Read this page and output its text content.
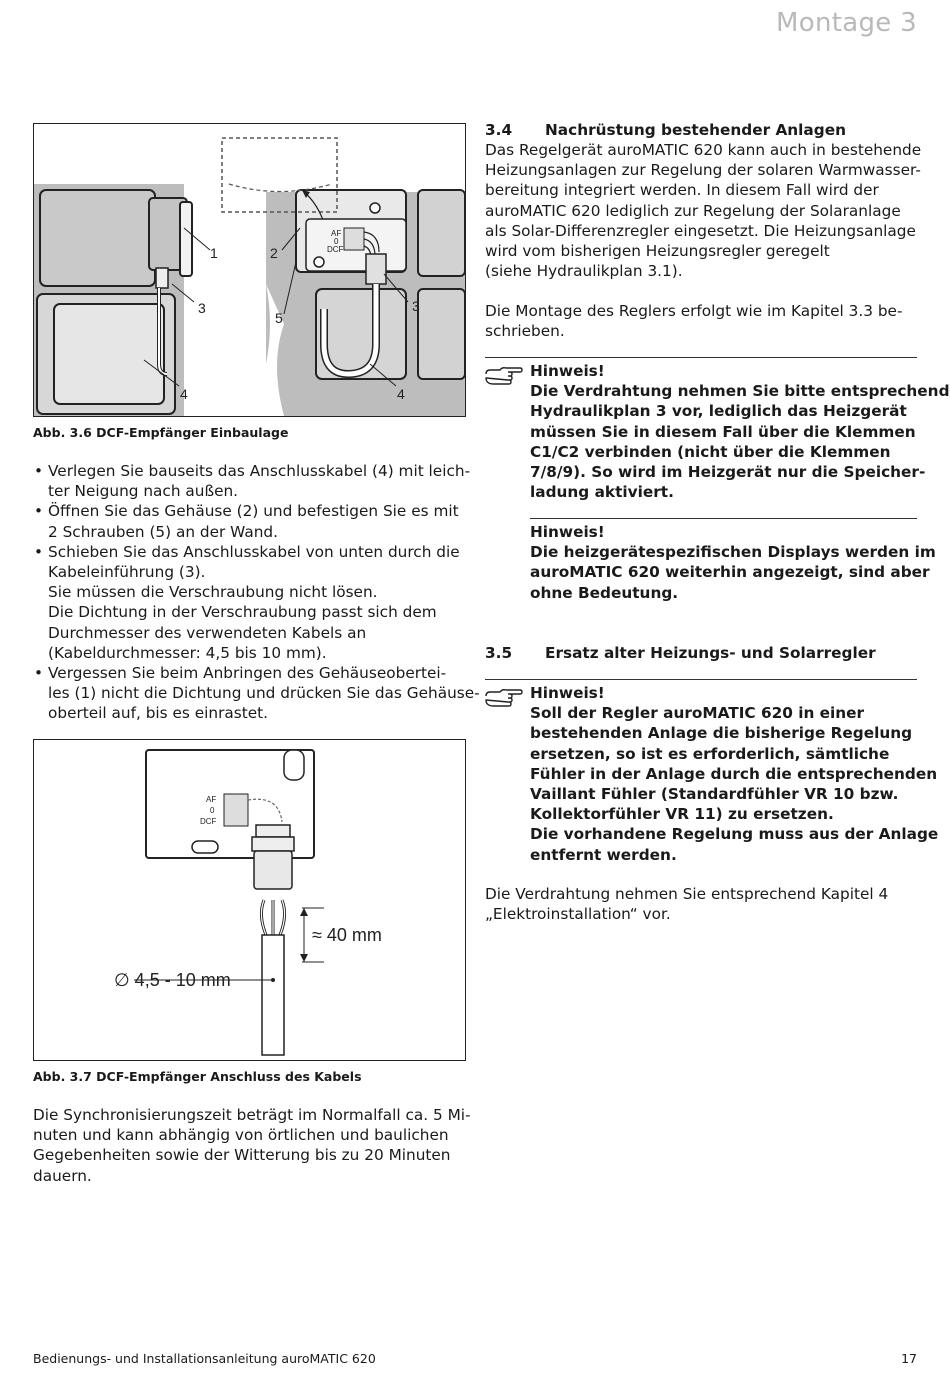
Montage 3
AF
0
DCF
1	2
3	3
4	4
5
Abb. 3.6 DCF-Empfänger Einbaulage
• Verlegen Sie bauseits das Anschlusskabel (4) mit leich-
ter Neigung nach außen.
• Öffnen Sie das Gehäuse (2) und befestigen Sie es mit
2 Schrauben (5) an der Wand.
• Schieben Sie das Anschlusskabel von unten durch die
Kabeleinführung (3).
Sie müssen die Verschraubung nicht lösen.
Die Dichtung in der Verschraubung passt sich dem
Durchmesser des verwendeten Kabels an
(Kabeldurchmesser: 4,5 bis 10 mm).
• Vergessen Sie beim Anbringen des Gehäuseobertei-
les (1) nicht die Dichtung und drücken Sie das Gehäuse-
oberteil auf, bis es einrastet.
AF
0
DCF
≈ 40 mm
∅ 4,5 - 10 mm
Abb. 3.7 DCF-Empfänger Anschluss des Kabels
Die Synchronisierungszeit beträgt im Normalfall ca. 5 Mi-
nuten und kann abhängig von örtlichen und baulichen
Gegebenheiten sowie der Witterung bis zu 20 Minuten
dauern.
3.4 Nachrüstung bestehender Anlagen
Das Regelgerät auroMATIC 620 kann auch in bestehende
Heizungsanlagen zur Regelung der solaren Warmwasser-
bereitung integriert werden. In diesem Fall wird der
auroMATIC 620 lediglich zur Regelung der Solaranlage
als Solar-Differenzregler eingesetzt. Die Heizungsanlage
wird vom bisherigen Heizungsregler geregelt
(siehe Hydraulikplan 3.1).
Die Montage des Reglers erfolgt wie im Kapitel 3.3 be-
schrieben.
Hinweis!
Die Verdrahtung nehmen Sie bitte entsprechend
Hydraulikplan 3 vor, lediglich das Heizgerät
müssen Sie in diesem Fall über die Klemmen
C1/C2 verbinden (nicht über die Klemmen
7/8/9). So wird im Heizgerät nur die Speicher-
ladung aktiviert.
Hinweis!
Die heizgerätespezifischen Displays werden im
auroMATIC 620 weiterhin angezeigt, sind aber
ohne Bedeutung.
3.5 Ersatz alter Heizungs- und Solarregler
Hinweis!
Soll der Regler auroMATIC 620 in einer
bestehenden Anlage die bisherige Regelung
ersetzen, so ist es erforderlich, sämtliche
Fühler in der Anlage durch die entsprechenden
Vaillant Fühler (Standardfühler VR 10 bzw.
Kollektorfühler VR 11) zu ersetzen.
Die vorhandene Regelung muss aus der Anlage
entfernt werden.
Die Verdrahtung nehmen Sie entsprechend Kapitel 4
„Elektroinstallation“ vor.
Bedienungs- und Installationsanleitung auroMATIC 620	17
